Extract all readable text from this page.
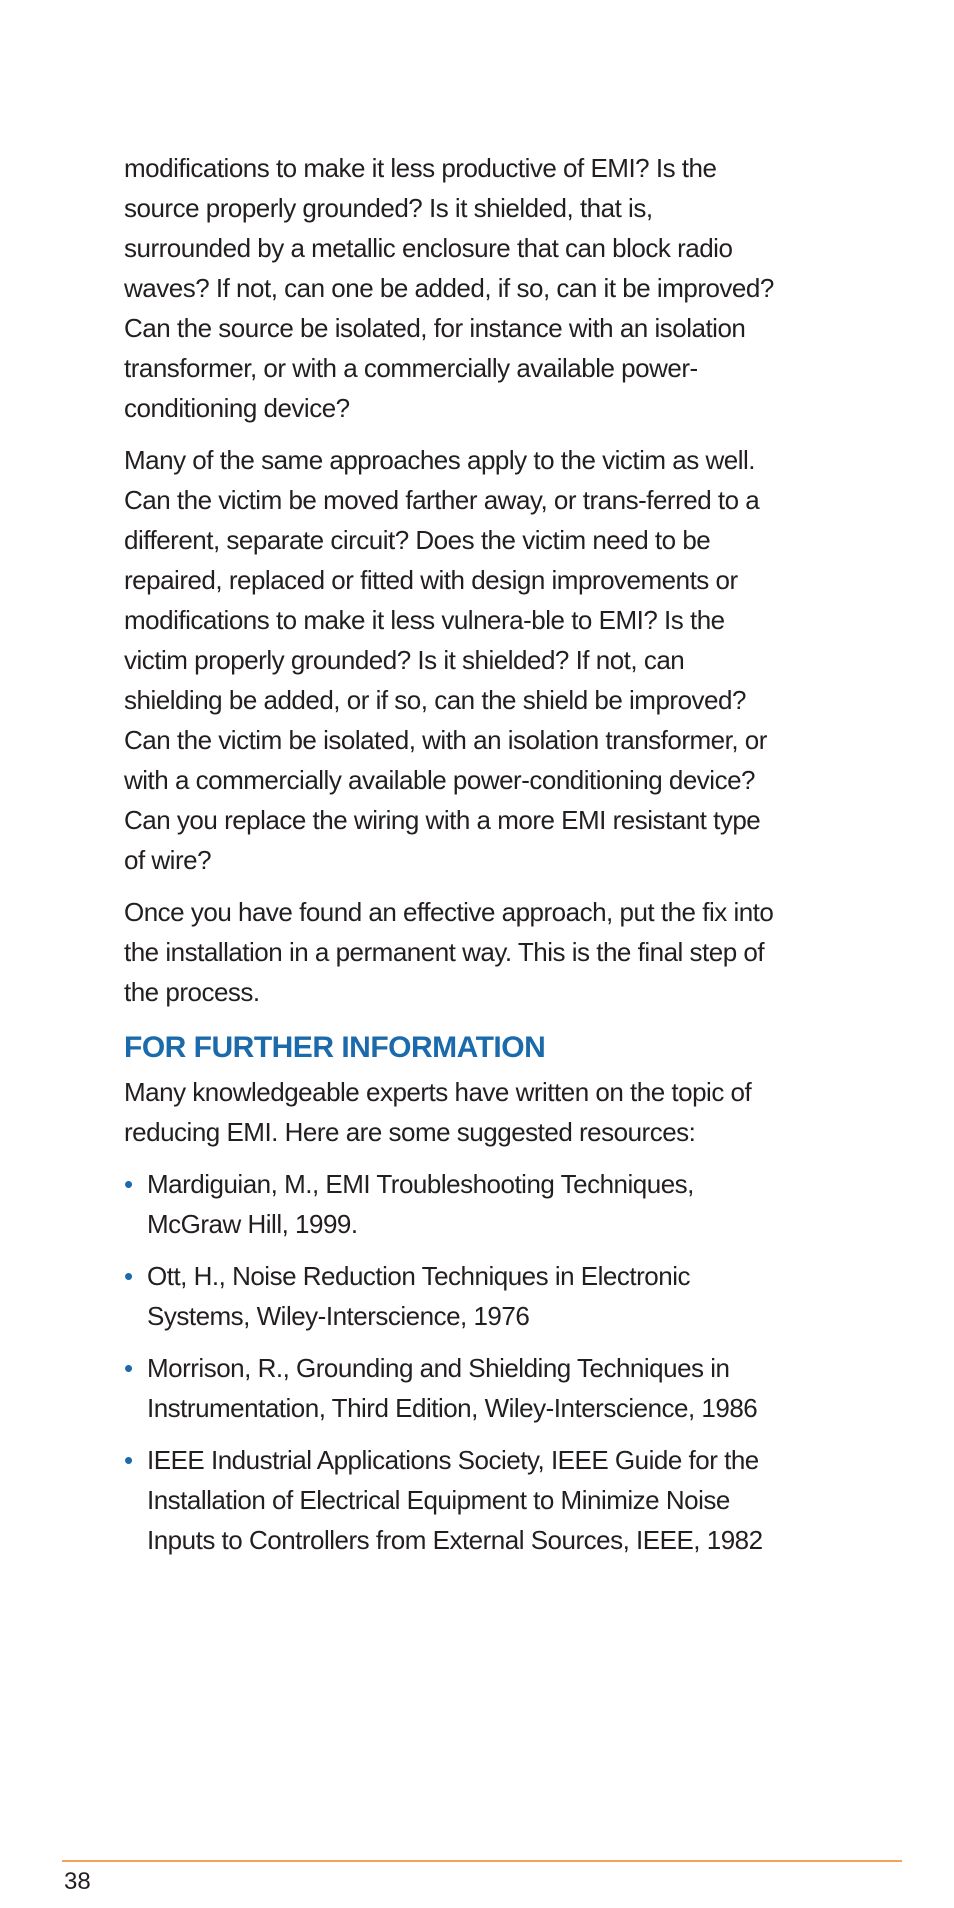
modifications to make it less productive of EMI? Is the source properly grounded? Is it shielded, that is, surrounded by a metallic enclosure that can block radio waves? If not, can one be added, if so, can it be improved? Can the source be isolated, for instance with an isolation transformer, or with a commercially available power-conditioning device?

Many of the same approaches apply to the victim as well. Can the victim be moved farther away, or trans-ferred to a different, separate circuit? Does the victim need to be repaired, replaced or fitted with design improvements or modifications to make it less vulnera-ble to EMI? Is the victim properly grounded? Is it shielded? If not, can shielding be added, or if so, can the shield be improved? Can the victim be isolated, with an isolation transformer, or with a commercially available power-conditioning device? Can you replace the wiring with a more EMI resistant type of wire?

Once you have found an effective approach, put the fix into the installation in a permanent way. This is the final step of the process.

FOR FURTHER INFORMATION

Many knowledgeable experts have written on the topic of reducing EMI. Here are some suggested resources:

• Mardiguian, M., EMI Troubleshooting Techniques, McGraw Hill, 1999.
• Ott, H., Noise Reduction Techniques in Electronic Systems, Wiley-Interscience, 1976
• Morrison, R., Grounding and Shielding Techniques in Instrumentation, Third Edition, Wiley-Interscience, 1986
• IEEE Industrial Applications Society, IEEE Guide for the Installation of Electrical Equipment to Minimize Noise Inputs to Controllers from External Sources, IEEE, 1982
38
